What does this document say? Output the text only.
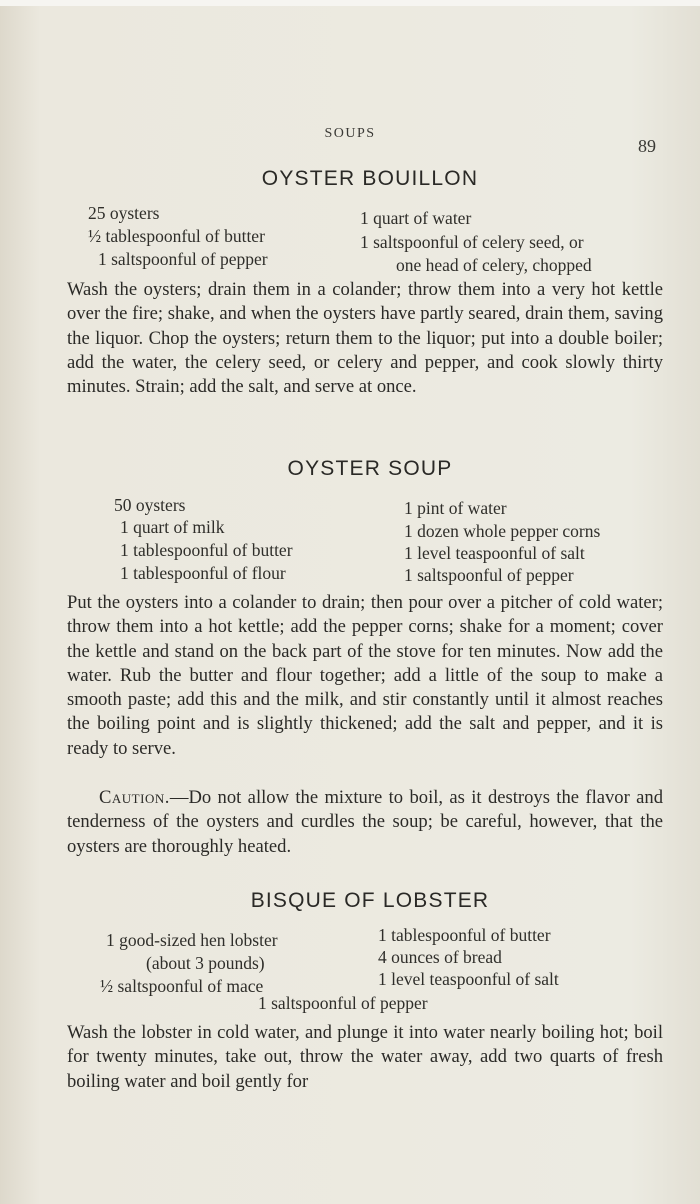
SOUPS
89
OYSTER BOUILLON
25 oysters
½ tablespoonful of butter
1 saltspoonful of pepper
1 quart of water
1 saltspoonful of celery seed, or
one head of celery, chopped
Wash the oysters; drain them in a colander; throw them into a very hot kettle over the fire; shake, and when the oysters have partly seared, drain them, saving the liquor. Chop the oysters; return them to the liquor; put into a double boiler; add the water, the celery seed, or celery and pepper, and cook slowly thirty minutes. Strain; add the salt, and serve at once.
OYSTER SOUP
50 oysters
1 quart of milk
1 tablespoonful of butter
1 tablespoonful of flour
1 pint of water
1 dozen whole pepper corns
1 level teaspoonful of salt
1 saltspoonful of pepper
Put the oysters into a colander to drain; then pour over a pitcher of cold water; throw them into a hot kettle; add the pepper corns; shake for a moment; cover the kettle and stand on the back part of the stove for ten minutes. Now add the water. Rub the butter and flour together; add a little of the soup to make a smooth paste; add this and the milk, and stir constantly until it almost reaches the boiling point and is slightly thickened; add the salt and pepper, and it is ready to serve.
Caution.—Do not allow the mixture to boil, as it destroys the flavor and tenderness of the oysters and curdles the soup; be careful, however, that the oysters are thoroughly heated.
BISQUE OF LOBSTER
1 good-sized hen lobster
(about 3 pounds)
½ saltspoonful of mace
1 tablespoonful of butter
4 ounces of bread
1 level teaspoonful of salt
1 saltspoonful of pepper
Wash the lobster in cold water, and plunge it into water nearly boiling hot; boil for twenty minutes, take out, throw the water away, add two quarts of fresh boiling water and boil gently for
